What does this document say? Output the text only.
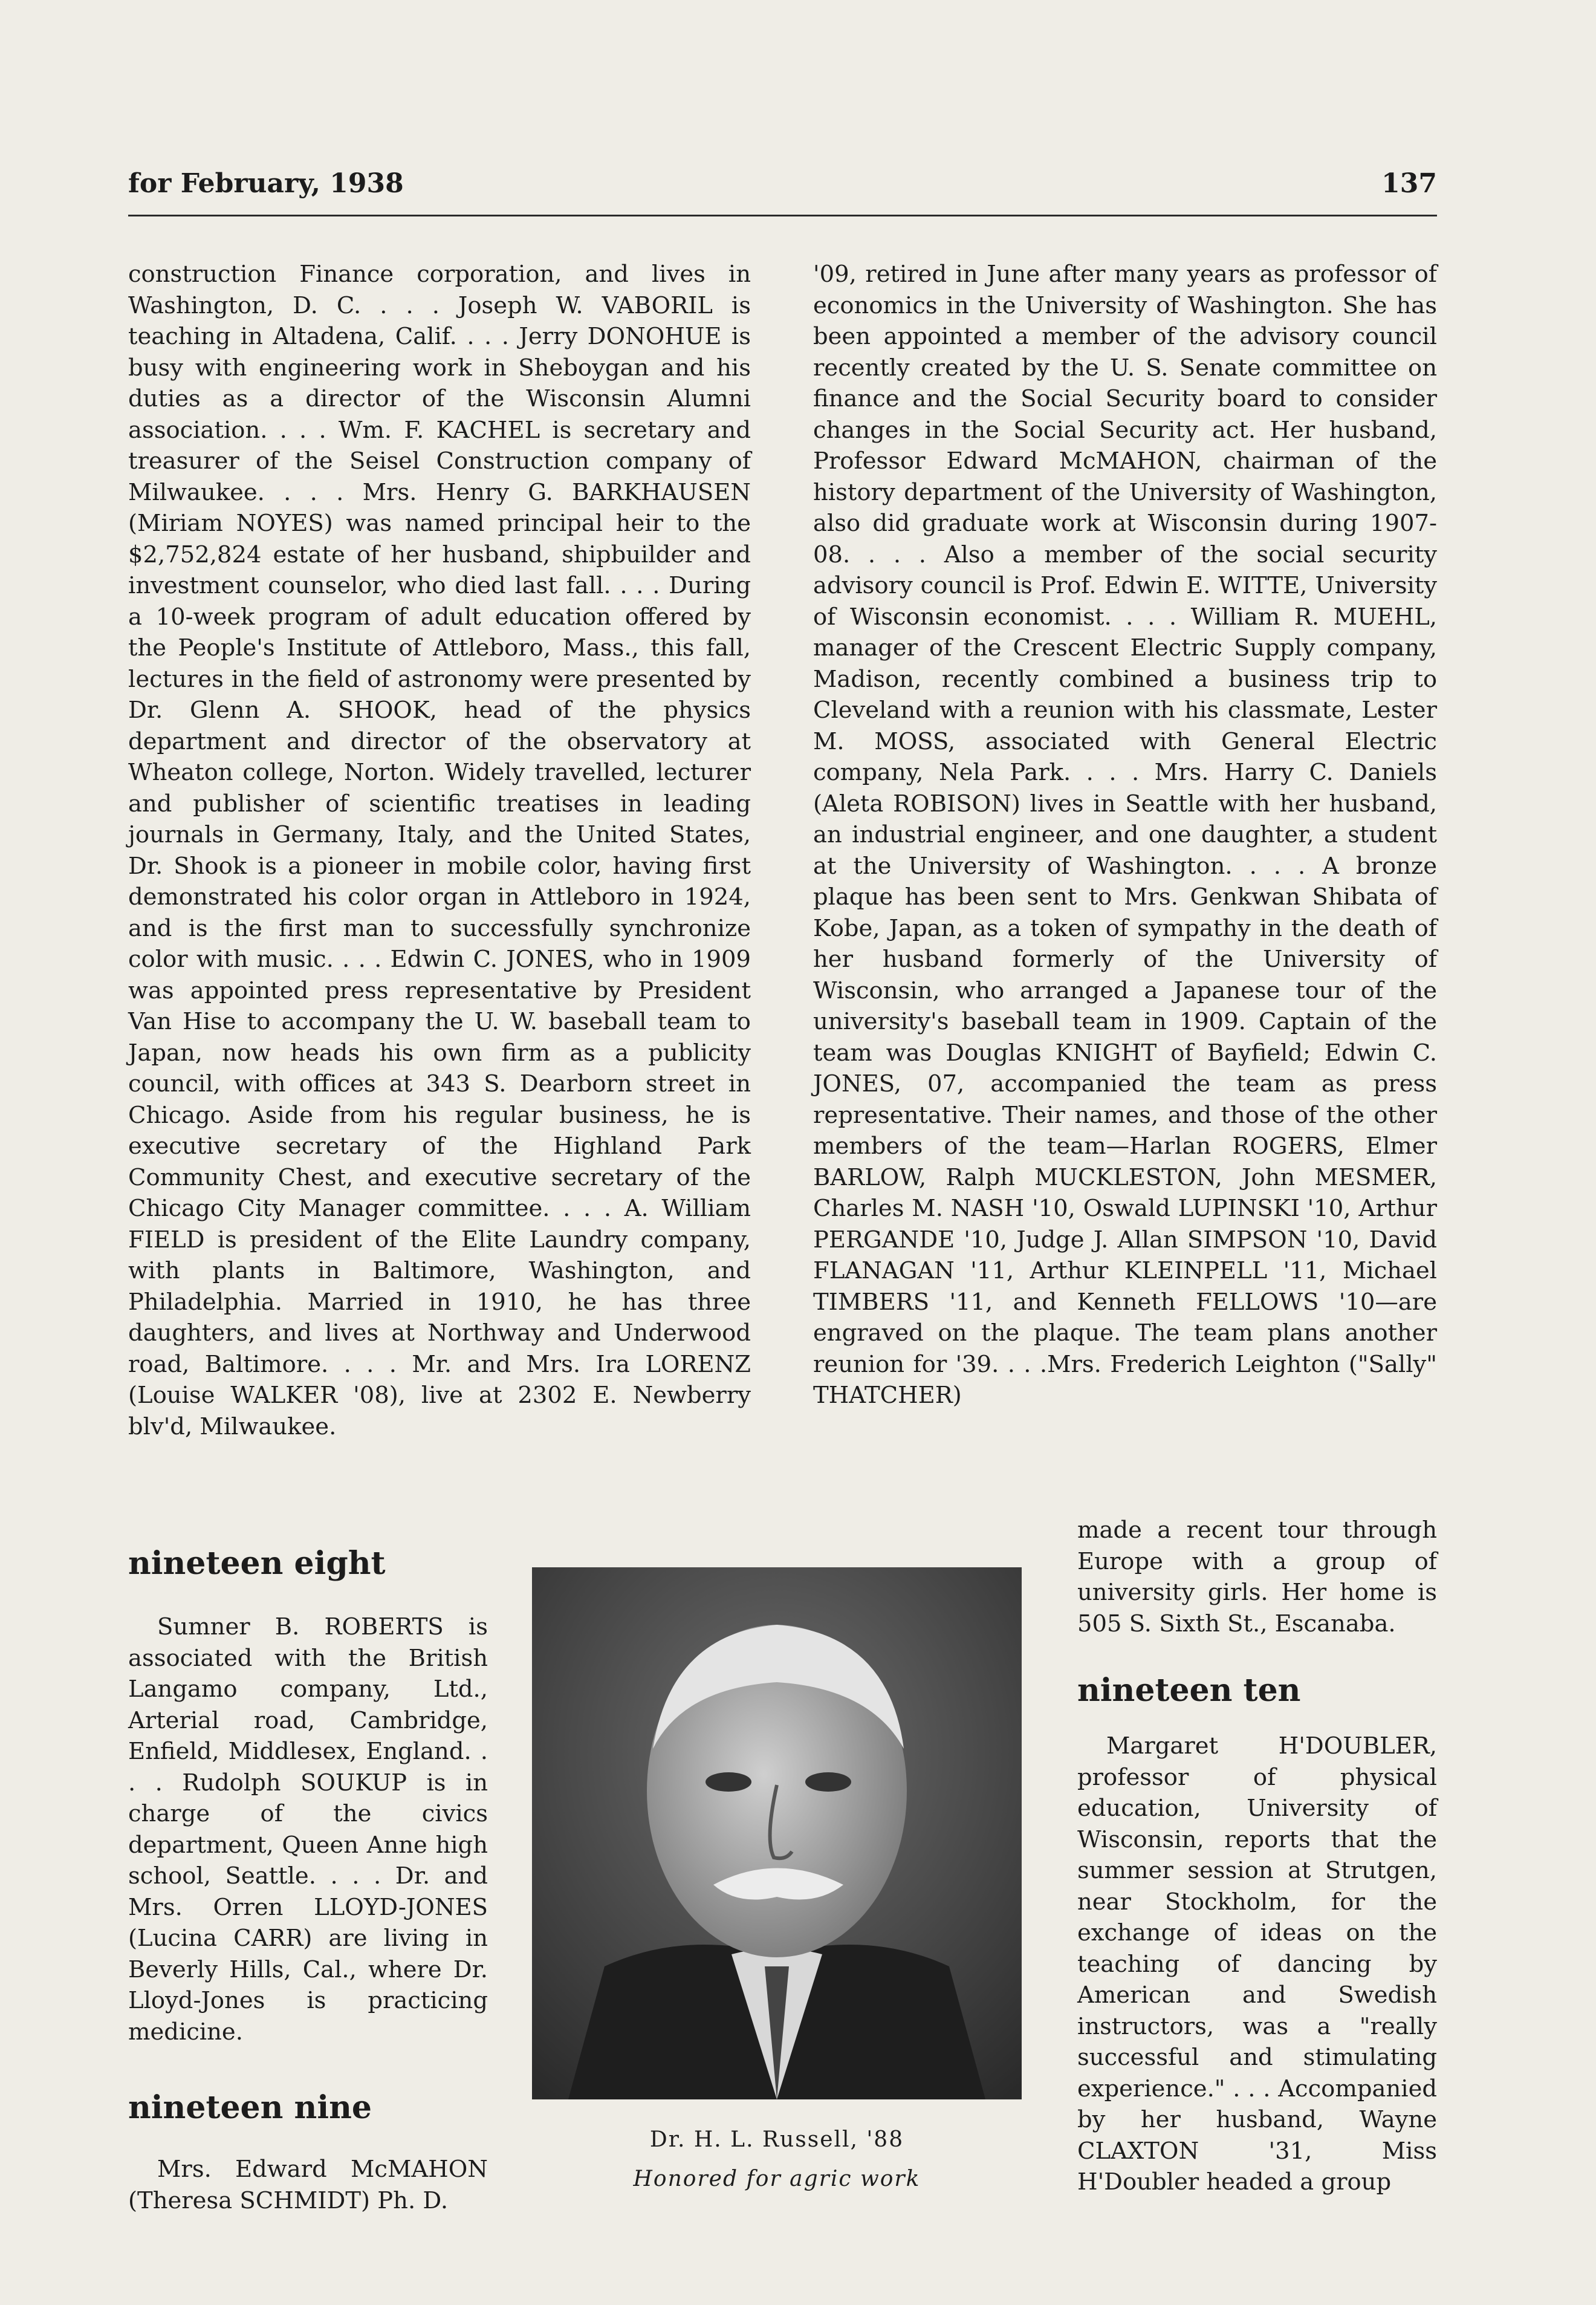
for February, 1938	137

construction Finance corporation, and lives in Washington, D. C. . . . Joseph W. VABORIL is teaching in Altadena, Calif. . . . Jerry DONOHUE is busy with engineering work in Sheboygan and his duties as a director of the Wisconsin Alumni association. . . . Wm. F. KACHEL is secretary and treasurer of the Seisel Construction company of Milwaukee. . . . Mrs. Henry G. BARKHAUSEN (Miriam NOYES) was named principal heir to the $2,752,824 estate of her husband, shipbuilder and investment counselor, who died last fall. . . . During a 10-week program of adult education offered by the People's Institute of Attleboro, Mass., this fall, lectures in the field of astronomy were presented by Dr. Glenn A. SHOOK, head of the physics department and director of the observatory at Wheaton college, Norton. Widely travelled, lecturer and publisher of scientific treatises in leading journals in Germany, Italy, and the United States, Dr. Shook is a pioneer in mobile color, having first demonstrated his color organ in Attleboro in 1924, and is the first man to successfully synchronize color with music. . . . Edwin C. JONES, who in 1909 was appointed press representative by President Van Hise to accompany the U. W. baseball team to Japan, now heads his own firm as a publicity council, with offices at 343 S. Dearborn street in Chicago. Aside from his regular business, he is executive secretary of the Highland Park Community Chest, and executive secretary of the Chicago City Manager committee. . . . A. William FIELD is president of the Elite Laundry company, with plants in Baltimore, Washington, and Philadelphia. Married in 1910, he has three daughters, and lives at Northway and Underwood road, Baltimore. . . . Mr. and Mrs. Ira LORENZ (Louise WALKER '08), live at 2302 E. Newberry blv'd, Milwaukee.

'09, retired in June after many years as professor of economics in the University of Washington. She has been appointed a member of the advisory council recently created by the U. S. Senate committee on finance and the Social Security board to consider changes in the Social Security act. Her husband, Professor Edward McMAHON, chairman of the history department of the University of Washington, also did graduate work at Wisconsin during 1907-08. . . . Also a member of the social security advisory council is Prof. Edwin E. WITTE, University of Wisconsin economist. . . . William R. MUEHL, manager of the Crescent Electric Supply company, Madison, recently combined a business trip to Cleveland with a reunion with his classmate, Lester M. MOSS, associated with General Electric company, Nela Park. . . . Mrs. Harry C. Daniels (Aleta ROBISON) lives in Seattle with her husband, an industrial engineer, and one daughter, a student at the University of Washington. . . . A bronze plaque has been sent to Mrs. Genkwan Shibata of Kobe, Japan, as a token of sympathy in the death of her husband formerly of the University of Wisconsin, who arranged a Japanese tour of the university's baseball team in 1909. Captain of the team was Douglas KNIGHT of Bayfield; Edwin C. JONES, 07, accompanied the team as press representative. Their names, and those of the other members of the team—Harlan ROGERS, Elmer BARLOW, Ralph MUCKLESTON, John MESMER, Charles M. NASH '10, Oswald LUPINSKI '10, Arthur PERGANDE '10, Judge J. Allan SIMPSON '10, David FLANAGAN '11, Arthur KLEINPELL '11, Michael TIMBERS '11, and Kenneth FELLOWS '10—are engraved on the plaque. The team plans another reunion for '39. . . .Mrs. Frederich Leighton ("Sally" THATCHER)

made a recent tour through Europe with a group of university girls. Her home is 505 S. Sixth St., Escanaba.

nineteen eight

Sumner B. ROBERTS is associated with the British Langamo company, Ltd., Arterial road, Cambridge, Enfield, Middlesex, England. . . . Rudolph SOUKUP is in charge of the civics department, Queen Anne high school, Seattle. . . . Dr. and Mrs. Orren LLOYD-JONES (Lucina CARR) are living in Beverly Hills, Cal., where Dr. Lloyd-Jones is practicing medicine.

nineteen nine

Mrs. Edward McMAHON (Theresa SCHMIDT) Ph. D.

nineteen ten

Margaret H'DOUBLER, professor of physical education, University of Wisconsin, reports that the summer session at Strutgen, near Stockholm, for the exchange of ideas on the teaching of dancing by American and Swedish instructors, was a "really successful and stimulating experience." . . . Accompanied by her husband, Wayne CLAXTON '31, Miss H'Doubler headed a group

Dr. H. L. Russell, '88
Honored for agric work
